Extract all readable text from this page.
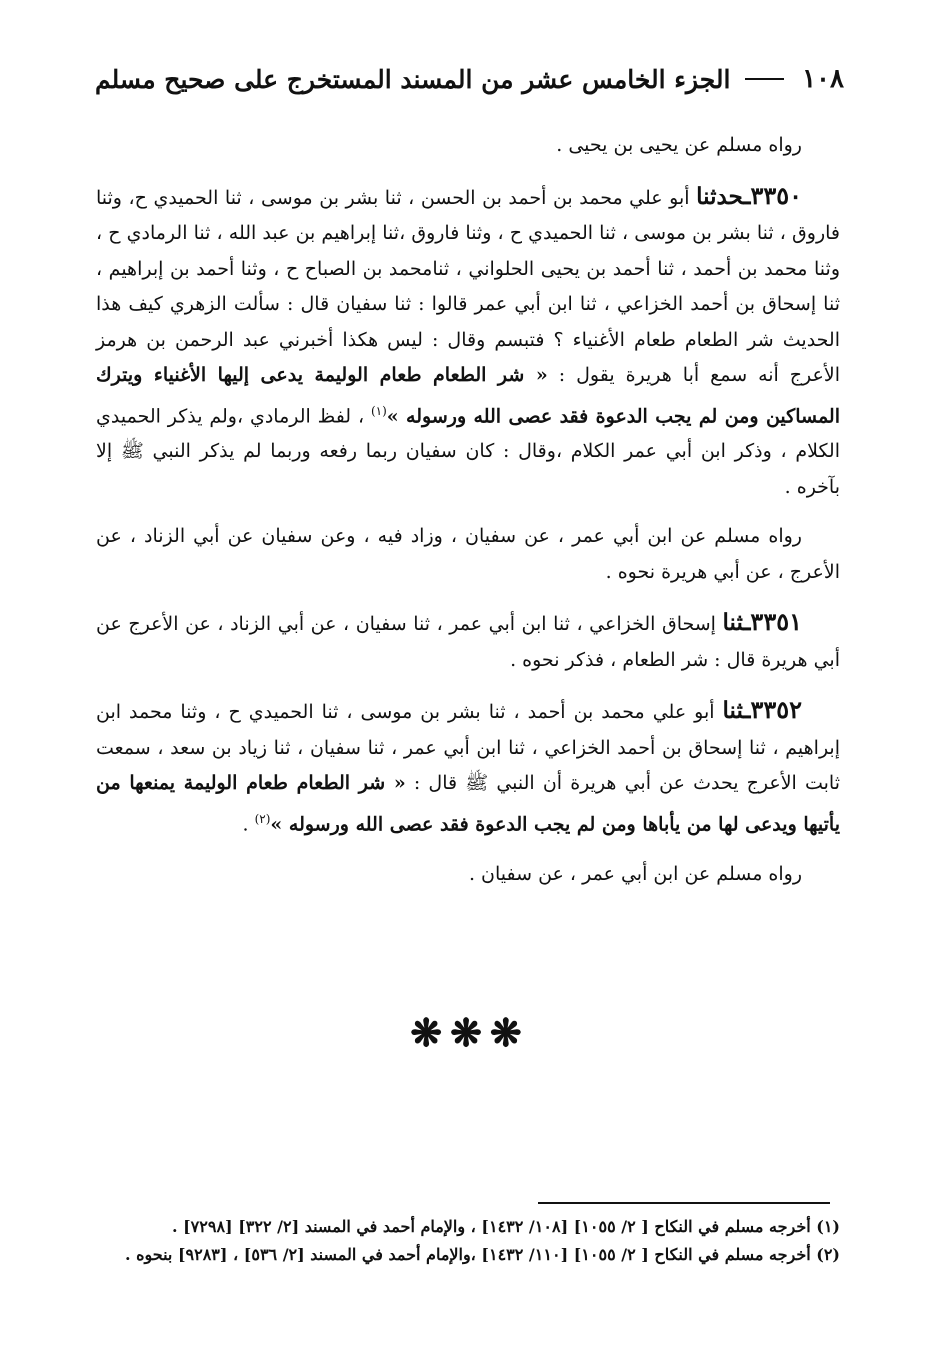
١٠٨
الجزء الخامس عشر من المسند المستخرج على صحيح مسلم

رواه مسلم عن يحيى بن يحيى .

٣٣٥٠ـحدثنا أبو علي محمد بن أحمد بن الحسن ، ثنا بشر بن موسى ، ثنا الحميدي ح، وثنا فاروق ، ثنا بشر بن موسى ، ثنا الحميدي ح ، وثنا فاروق ،ثنا إبراهيم بن عبد الله ، ثنا الرمادي ح ، وثنا محمد بن أحمد ، ثنا أحمد بن يحيى الحلواني ، ثنامحمد بن الصباح ح ، وثنا أحمد بن إبراهيم ، ثنا إسحاق بن أحمد الخزاعي ، ثنا ابن أبي عمر قالوا : ثنا سفيان قال : سألت الزهري كيف هذا الحديث شر الطعام طعام الأغنياء ؟ فتبسم وقال : ليس هكذا أخبرني عبد الرحمن بن هرمز الأعرج أنه سمع أبا هريرة يقول : « شر الطعام طعام الوليمة يدعى إليها الأغنياء ويترك المساكين ومن لم يجب الدعوة فقد عصى الله ورسوله »$^{(١)}$ ، لفظ الرمادي ،ولم يذكر الحميدي الكلام ، وذكر ابن أبي عمر الكلام ،وقال : كان سفيان ربما رفعه وربما لم يذكر النبي ﷺ إلا بآخره .

رواه مسلم عن ابن أبي عمر ، عن سفيان ، وزاد فيه ، وعن سفيان عن أبي الزناد ، عن الأعرج ، عن أبي هريرة نحوه .

٣٣٥١ـثنا إسحاق الخزاعي ، ثنا ابن أبي عمر ، ثنا سفيان ، عن أبي الزناد ، عن الأعرج عن أبي هريرة قال : شر الطعام ، فذكر نحوه .

٣٣٥٢ـثنا أبو علي محمد بن أحمد ، ثنا بشر بن موسى ، ثنا الحميدي ح ، وثنا محمد ابن إبراهيم ، ثنا إسحاق بن أحمد الخزاعي ، ثنا ابن أبي عمر ، ثنا سفيان ، ثنا زياد بن سعد ، سمعت ثابت الأعرج يحدث عن أبي هريرة أن النبي ﷺ قال : « شر الطعام طعام الوليمة يمنعها من يأتيها ويدعى لها من يأباها ومن لم يجب الدعوة فقد عصى الله ورسوله »$^{(٢)}$ .

رواه مسلم عن ابن أبي عمر ، عن سفيان .

❋❋❋

(١) أخرجه مسلم في النكاح [ ٢/ ١٠٥٥] [١٠٨/ ١٤٣٢] ، والإمام أحمد في المسند [٢/ ٣٢٢] [٧٢٩٨] .

(٢) أخرجه مسلم في النكاح [ ٢/ ١٠٥٥] [١١٠/ ١٤٣٢] ،والإمام أحمد في المسند [٢/ ٥٣٦] ، [٩٢٨٣] بنحوه .
